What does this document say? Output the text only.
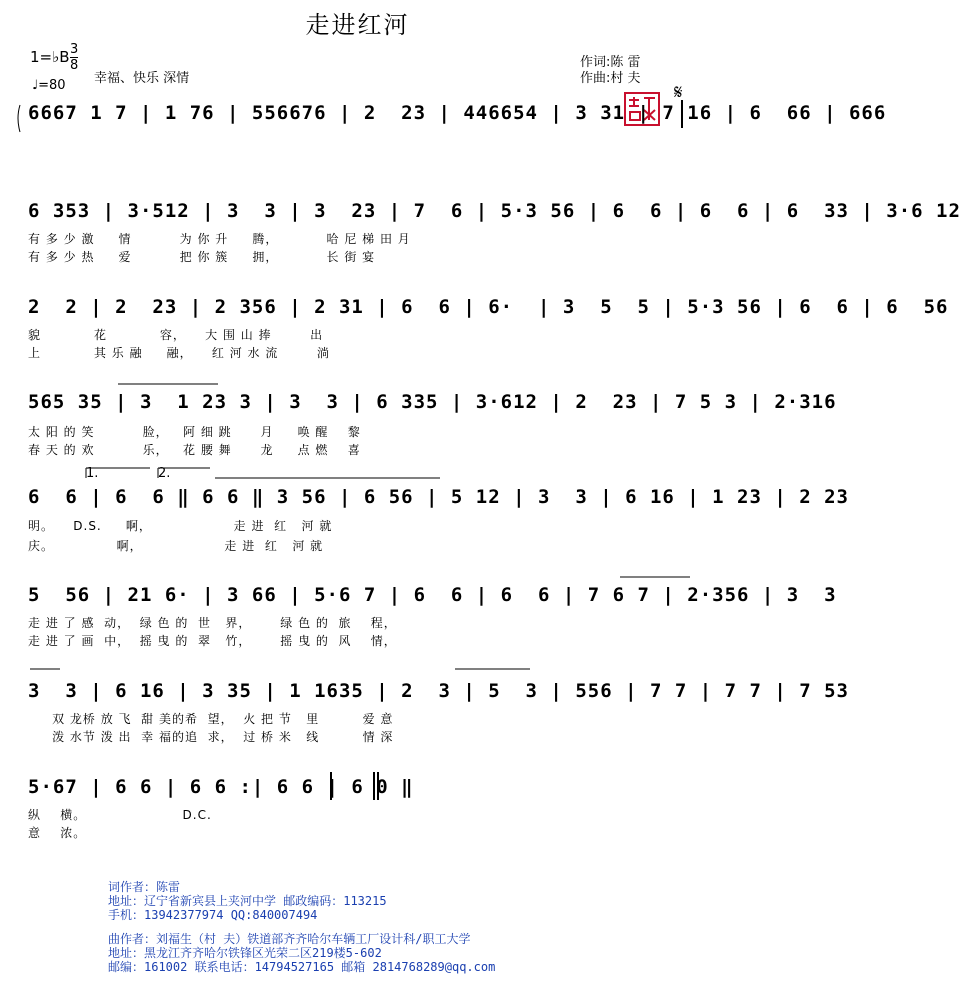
走进红河
1=♭B 3
8
♩=80 幸福、快乐 深情
作词:陈 雷
作曲:村 夫
𝄋
6667 1 7 | 1 76 | 556676 | 2  23 | 446654 | 3 31 | 7 16 | 6  66 | 666
6 353 | 3·512 | 3  3 | 3  23 | 7  6 | 5·3 56 | 6  6 | 6  6 | 6  33 | 3·6 12
有 多 少 激     情          为 你 升     腾，          哈 尼 梯 田 月
有 多 少 热     爱          把 你 簇     拥，          长 街 宴
2  2 | 2  23 | 2 356 | 2 31 | 6  6 | 6·  | 3  5  5 | 5·3 56 | 6  6 | 6  56
貌           花           容，    大 围 山 捧        出
上           其 乐 融     融，    红 河 水 流        淌
565 35 | 3  1 23 3 | 3  3 | 6 335 | 3·612 | 2  23 | 7 5 3 | 2·316
太 阳 的 笑          脸，   阿 细 跳      月     唤 醒    黎
春 天 的 欢          乐，   花 腰 舞      龙     点 燃    喜
1.	2.
6  6 | 6  6 ‖ 6 6 ‖ 3 56 | 6 56 | 5 12 | 3  3 | 6 16 | 1 23 | 2 23
明。    D.S.     啊，                 走 进  红   河 就
庆。             啊，                 走 进  红   河 就
5  56 | 21 6· | 3 66 | 5·6 7 | 6  6 | 6  6 | 7 6 7 | 2·356 | 3  3
走 进 了 感  动，  绿 色 的  世   界，      绿 色 的  旅    程，
走 进 了 画  中，  摇 曳 的  翠   竹，      摇 曳 的  风    情，
3  3 | 6 16 | 3 35 | 1 1635 | 2  3 | 5  3 | 556 | 7 7 | 7 7 | 7 53
双 龙桥 放 飞  甜 美的希  望，  火 把 节   里         爱 意
泼 水节 泼 出  幸 福的追  求，  过 桥 米   线         情 深
5·67 | 6 6 | 6 6 :| 6 6 | 6 0 ‖
纵    横。                    D.C.
意    浓。
词作者：陈雷
地址：辽宁省新宾县上夹河中学 邮政编码：113215
手机：13942377974 QQ:840007494
曲作者：刘福生（村 夫）铁道部齐齐哈尔车辆工厂设计科/职工大学
地址：黑龙江齐齐哈尔铁锋区光荣二区219楼5-602
邮编：161002 联系电话：14794527165 邮箱 2814768289@qq.com
